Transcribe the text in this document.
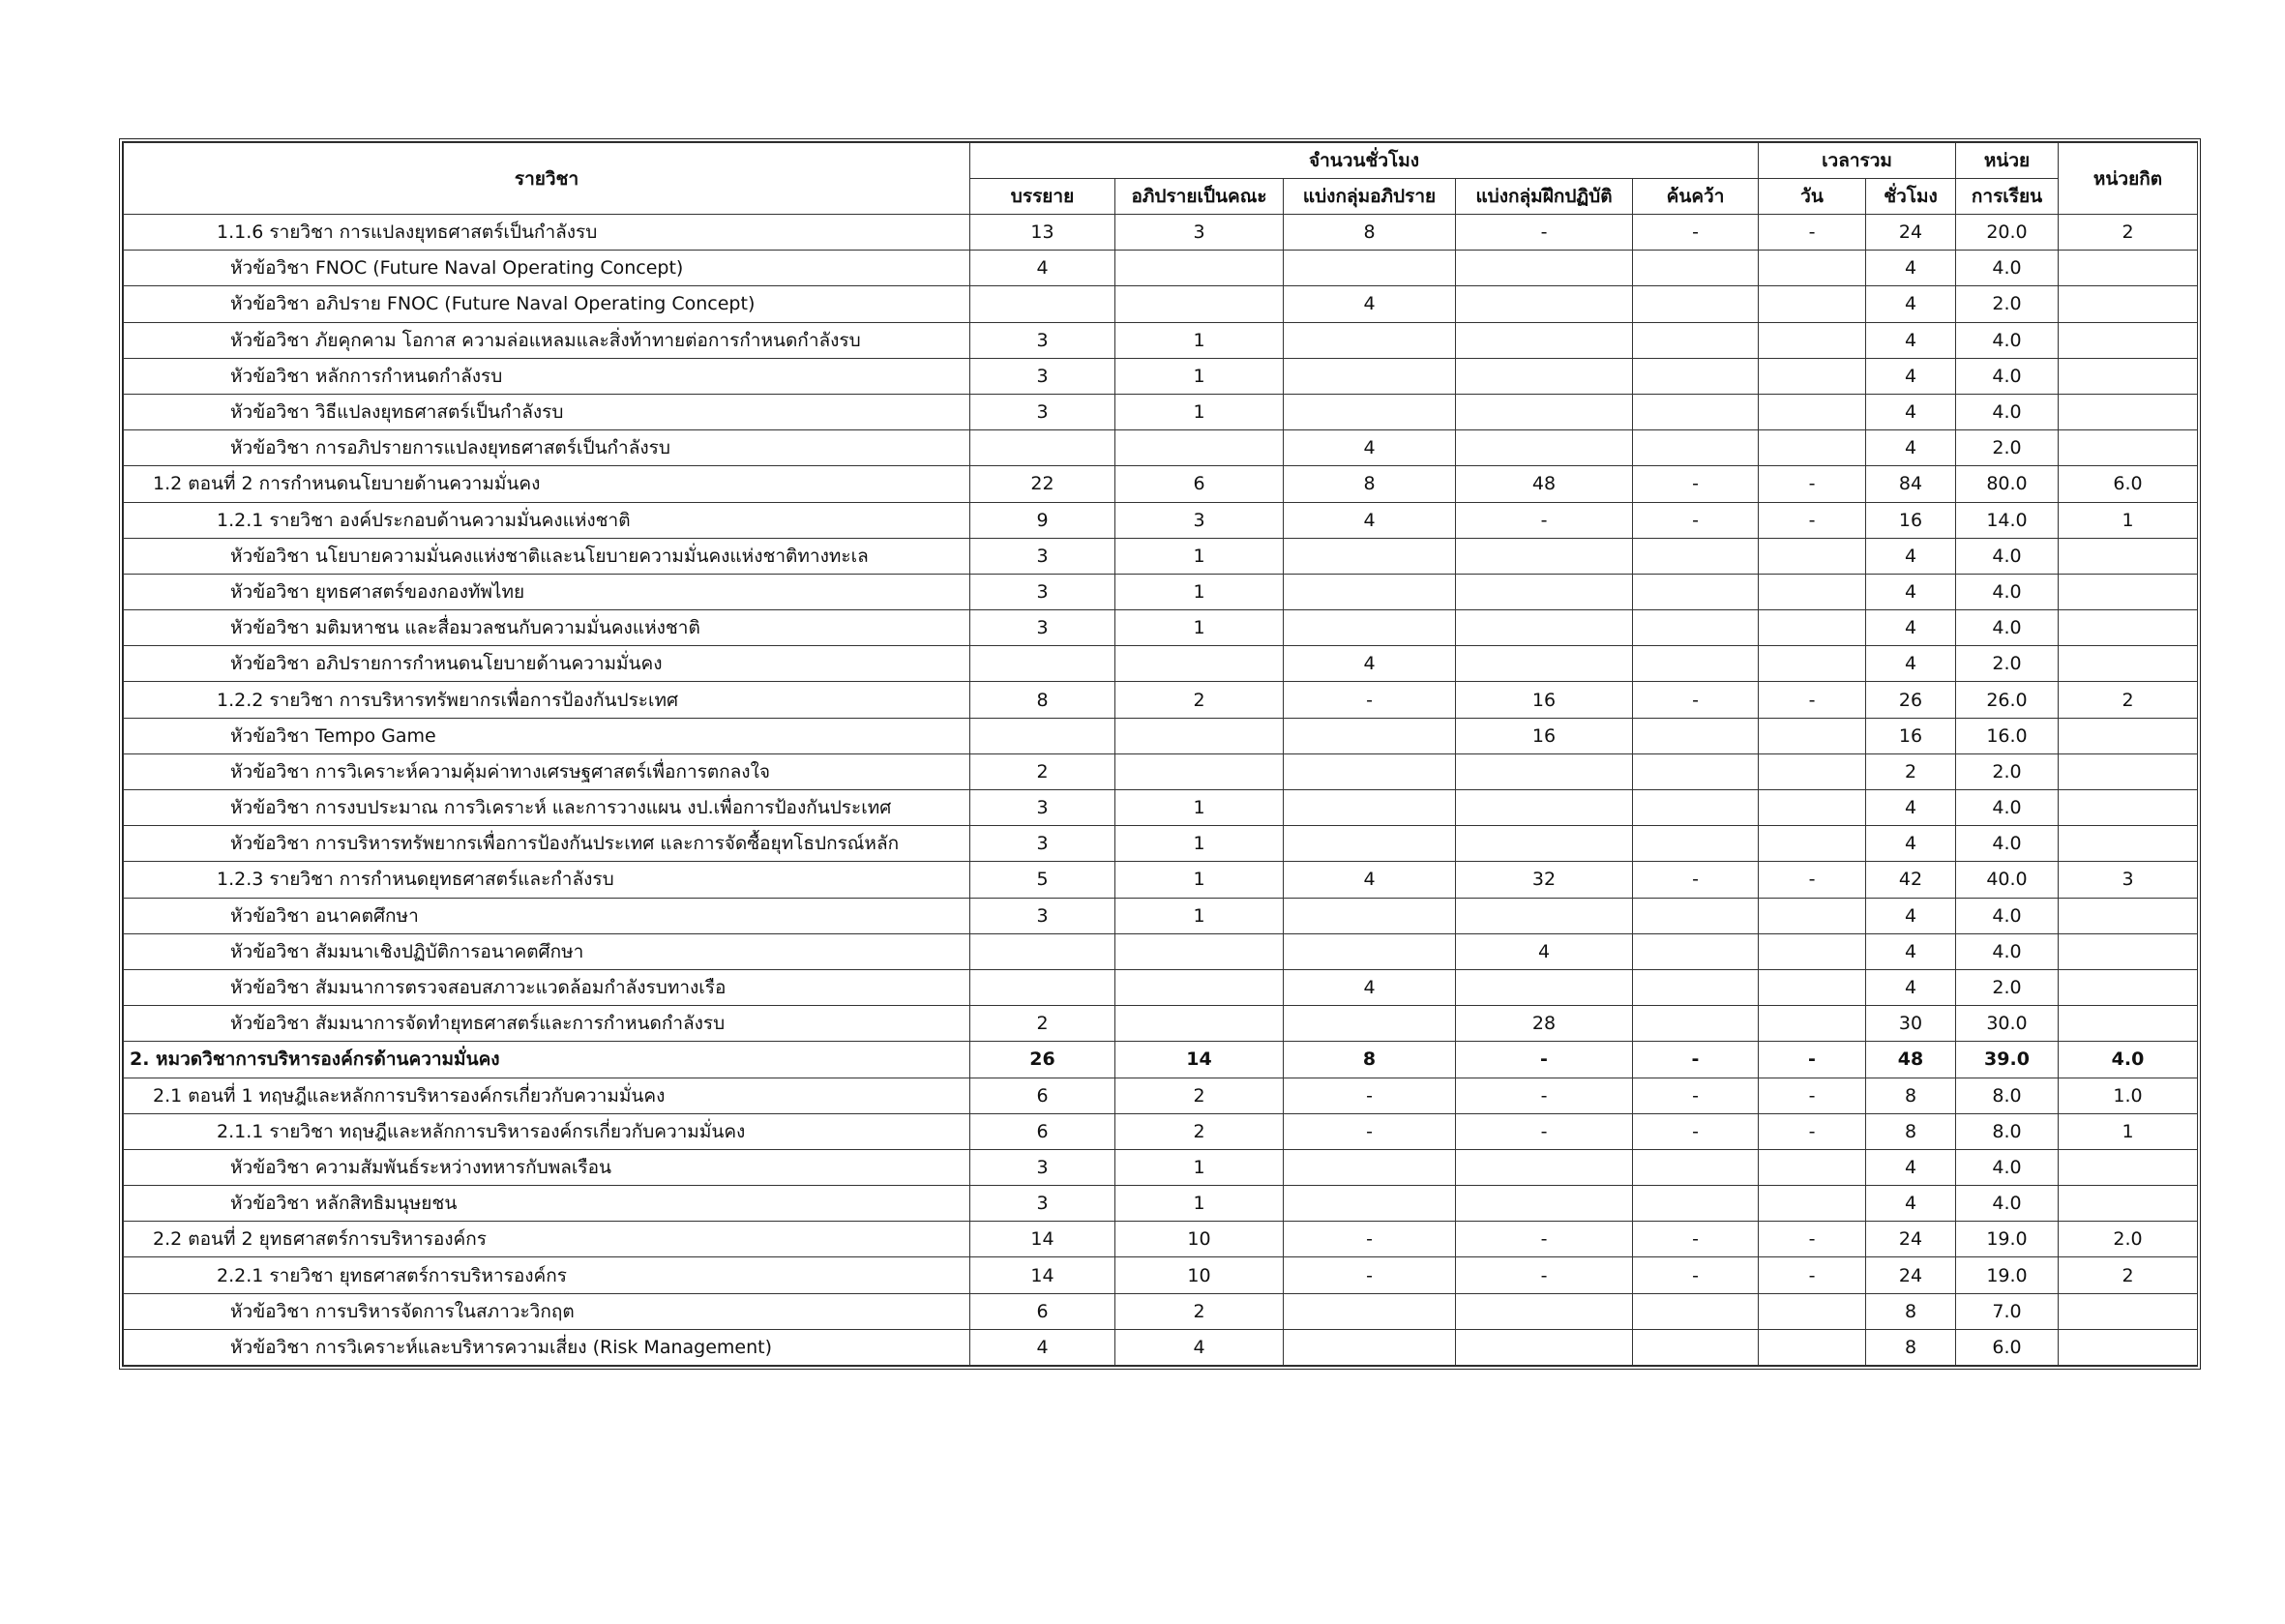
รายวิชา	จำนวนชั่วโมง					เวลารวม		หน่วย	หน่วยกิต
	บรรยาย	อภิปรายเป็นคณะ	แบ่งกลุ่มอภิปราย	แบ่งกลุ่มฝึกปฏิบัติ	ค้นคว้า	วัน	ชั่วโมง	การเรียน	
1.1.6 รายวิชา การแปลงยุทธศาสตร์เป็นกำลังรบ	13	3	8	-	-	-	24	20.0	2
หัวข้อวิชา FNOC (Future Naval Operating Concept)	4						4	4.0	
หัวข้อวิชา อภิปราย FNOC (Future Naval Operating Concept)			4				4	2.0	
หัวข้อวิชา ภัยคุกคาม โอกาส ความล่อแหลมและสิ่งท้าทายต่อการกำหนดกำลังรบ	3	1					4	4.0	
หัวข้อวิชา หลักการกำหนดกำลังรบ	3	1					4	4.0	
หัวข้อวิชา วิธีแปลงยุทธศาสตร์เป็นกำลังรบ	3	1					4	4.0	
หัวข้อวิชา การอภิปรายการแปลงยุทธศาสตร์เป็นกำลังรบ			4				4	2.0	
1.2 ตอนที่ 2 การกำหนดนโยบายด้านความมั่นคง	22	6	8	48	-	-	84	80.0	6.0
1.2.1 รายวิชา องค์ประกอบด้านความมั่นคงแห่งชาติ	9	3	4	-	-	-	16	14.0	1
หัวข้อวิชา นโยบายความมั่นคงแห่งชาติและนโยบายความมั่นคงแห่งชาติทางทะเล	3	1					4	4.0	
หัวข้อวิชา ยุทธศาสตร์ของกองทัพไทย	3	1					4	4.0	
หัวข้อวิชา มติมหาชน และสื่อมวลชนกับความมั่นคงแห่งชาติ	3	1					4	4.0	
หัวข้อวิชา อภิปรายการกำหนดนโยบายด้านความมั่นคง			4				4	2.0	
1.2.2 รายวิชา การบริหารทรัพยากรเพื่อการป้องกันประเทศ	8	2	-	16	-	-	26	26.0	2
หัวข้อวิชา Tempo Game				16			16	16.0	
หัวข้อวิชา การวิเคราะห์ความคุ้มค่าทางเศรษฐศาสตร์เพื่อการตกลงใจ	2						2	2.0	
หัวข้อวิชา การงบประมาณ การวิเคราะห์ และการวางแผน งป.เพื่อการป้องกันประเทศ	3	1					4	4.0	
หัวข้อวิชา การบริหารทรัพยากรเพื่อการป้องกันประเทศ และการจัดซื้อยุทโธปกรณ์หลัก	3	1					4	4.0	
1.2.3 รายวิชา การกำหนดยุทธศาสตร์และกำลังรบ	5	1	4	32	-	-	42	40.0	3
หัวข้อวิชา อนาคตศึกษา	3	1					4	4.0	
หัวข้อวิชา สัมมนาเชิงปฏิบัติการอนาคตศึกษา				4			4	4.0	
หัวข้อวิชา สัมมนาการตรวจสอบสภาวะแวดล้อมกำลังรบทางเรือ			4				4	2.0	
หัวข้อวิชา สัมมนาการจัดทำยุทธศาสตร์และการกำหนดกำลังรบ	2			28			30	30.0	
2. หมวดวิชาการบริหารองค์กรด้านความมั่นคง	26	14	8	-	-	-	48	39.0	4.0
2.1 ตอนที่ 1 ทฤษฎีและหลักการบริหารองค์กรเกี่ยวกับความมั่นคง	6	2	-	-	-	-	8	8.0	1.0
2.1.1 รายวิชา ทฤษฎีและหลักการบริหารองค์กรเกี่ยวกับความมั่นคง	6	2	-	-	-	-	8	8.0	1
หัวข้อวิชา ความสัมพันธ์ระหว่างทหารกับพลเรือน	3	1					4	4.0	
หัวข้อวิชา หลักสิทธิมนุษยชน	3	1					4	4.0	
2.2 ตอนที่ 2 ยุทธศาสตร์การบริหารองค์กร	14	10	-	-	-	-	24	19.0	2.0
2.2.1 รายวิชา ยุทธศาสตร์การบริหารองค์กร	14	10	-	-	-	-	24	19.0	2
หัวข้อวิชา การบริหารจัดการในสภาวะวิกฤต	6	2					8	7.0	
หัวข้อวิชา การวิเคราะห์และบริหารความเสี่ยง (Risk Management)	4	4					8	6.0	
